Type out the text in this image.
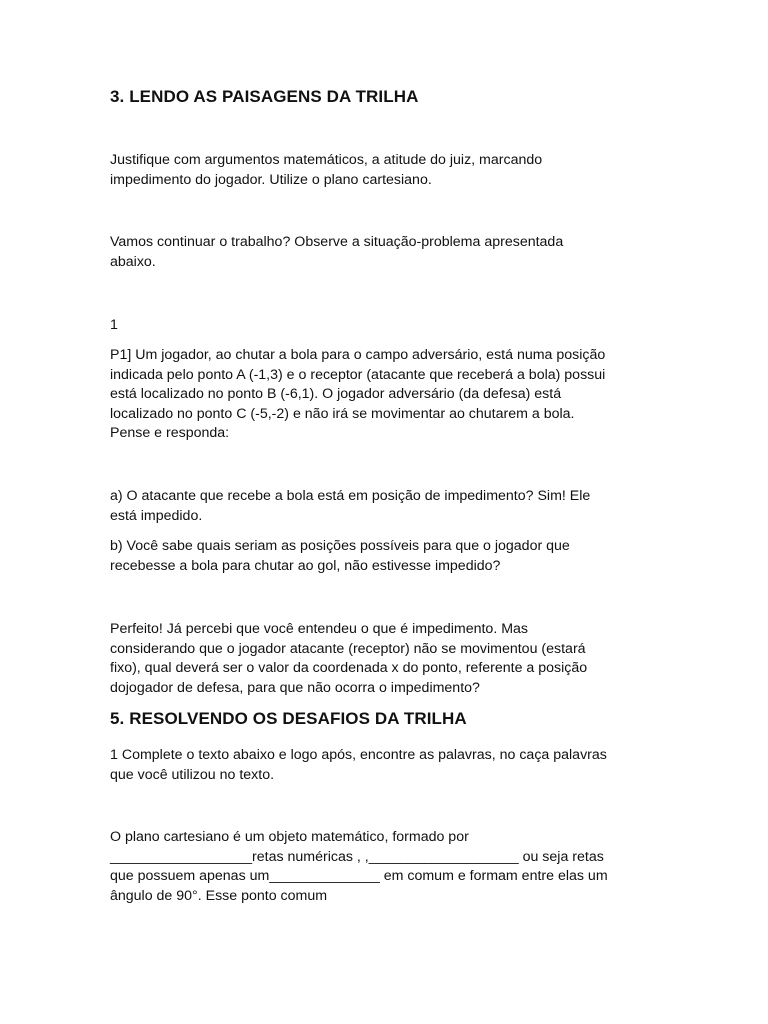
3. LENDO AS PAISAGENS DA TRILHA

Justifique com argumentos matemáticos, a atitude do juiz, marcando
impedimento do jogador. Utilize o plano cartesiano.

Vamos continuar o trabalho? Observe a situação-problema apresentada
abaixo.

1

P1] Um jogador, ao chutar a bola para o campo adversário, está numa posição
indicada pelo ponto A (-1,3) e o receptor (atacante que receberá a bola) possui
está localizado no ponto B (-6,1). O jogador adversário (da defesa) está
localizado no ponto C (-5,-2) e não irá se movimentar ao chutarem a bola.
Pense e responda:

a) O atacante que recebe a bola está em posição de impedimento? Sim! Ele
está impedido.

b) Você sabe quais seriam as posições possíveis para que o jogador que
recebesse a bola para chutar ao gol, não estivesse impedido?

Perfeito! Já percebi que você entendeu o que é impedimento. Mas
considerando que o jogador atacante (receptor) não se movimentou (estará
fixo), qual deverá ser o valor da coordenada x do ponto, referente a posição
dojogador de defesa, para que não ocorra o impedimento?

5. RESOLVENDO OS DESAFIOS DA TRILHA

1 Complete o texto abaixo e logo após, encontre as palavras, no caça palavras
que você utilizou no texto.

O plano cartesiano é um objeto matemático, formado por
__________________retas numéricas , ,___________________ ou seja retas
que possuem apenas um______________ em comum e formam entre elas um
ângulo de 90°. Esse ponto comum
